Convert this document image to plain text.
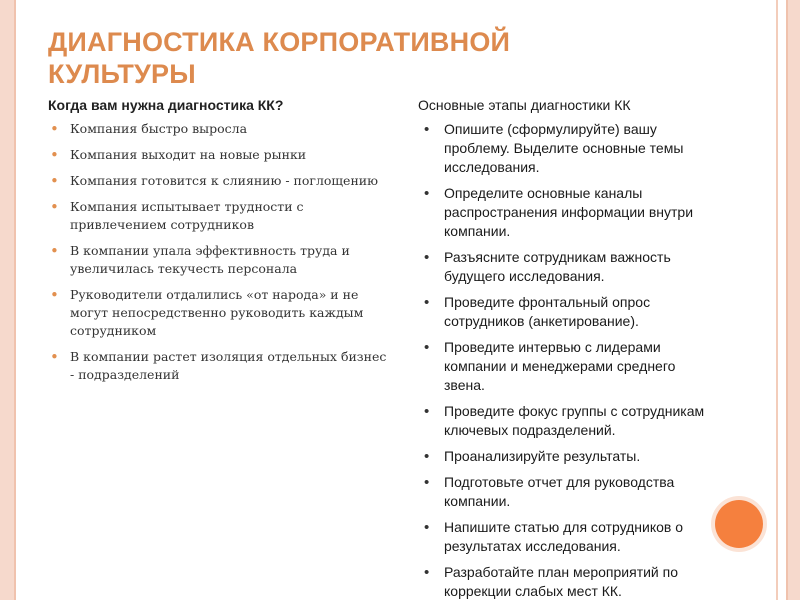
ДИАГНОСТИКА КОРПОРАТИВНОЙ КУЛЬТУРЫ
Когда вам нужна диагностика КК?
• Компания быстро выросла
• Компания выходит на новые рынки
• Компания готовится к слиянию - поглощению
• Компания испытывает трудности с привлечением сотрудников
• В компании упала эффективность труда и увеличилась текучесть персонала
• Руководители отдалились «от народа» и не могут непосредственно руководить каждым сотрудником
• В компании растет изоляция отдельных бизнес - подразделений
Основные этапы диагностики КК
• Опишите (сформулируйте) вашу проблему. Выделите основные темы исследования.
• Определите основные каналы распространения информации внутри компании.
• Разъясните сотрудникам важность будущего исследования.
• Проведите фронтальный опрос сотрудников (анкетирование).
• Проведите интервью с лидерами компании и менеджерами среднего звена.
• Проведите фокус группы с сотрудникам ключевых подразделений.
• Проанализируйте результаты.
• Подготовьте отчет для руководства компании.
• Напишите статью для сотрудников о результатах исследования.
• Разработайте план мероприятий по коррекции слабых мест КК.
